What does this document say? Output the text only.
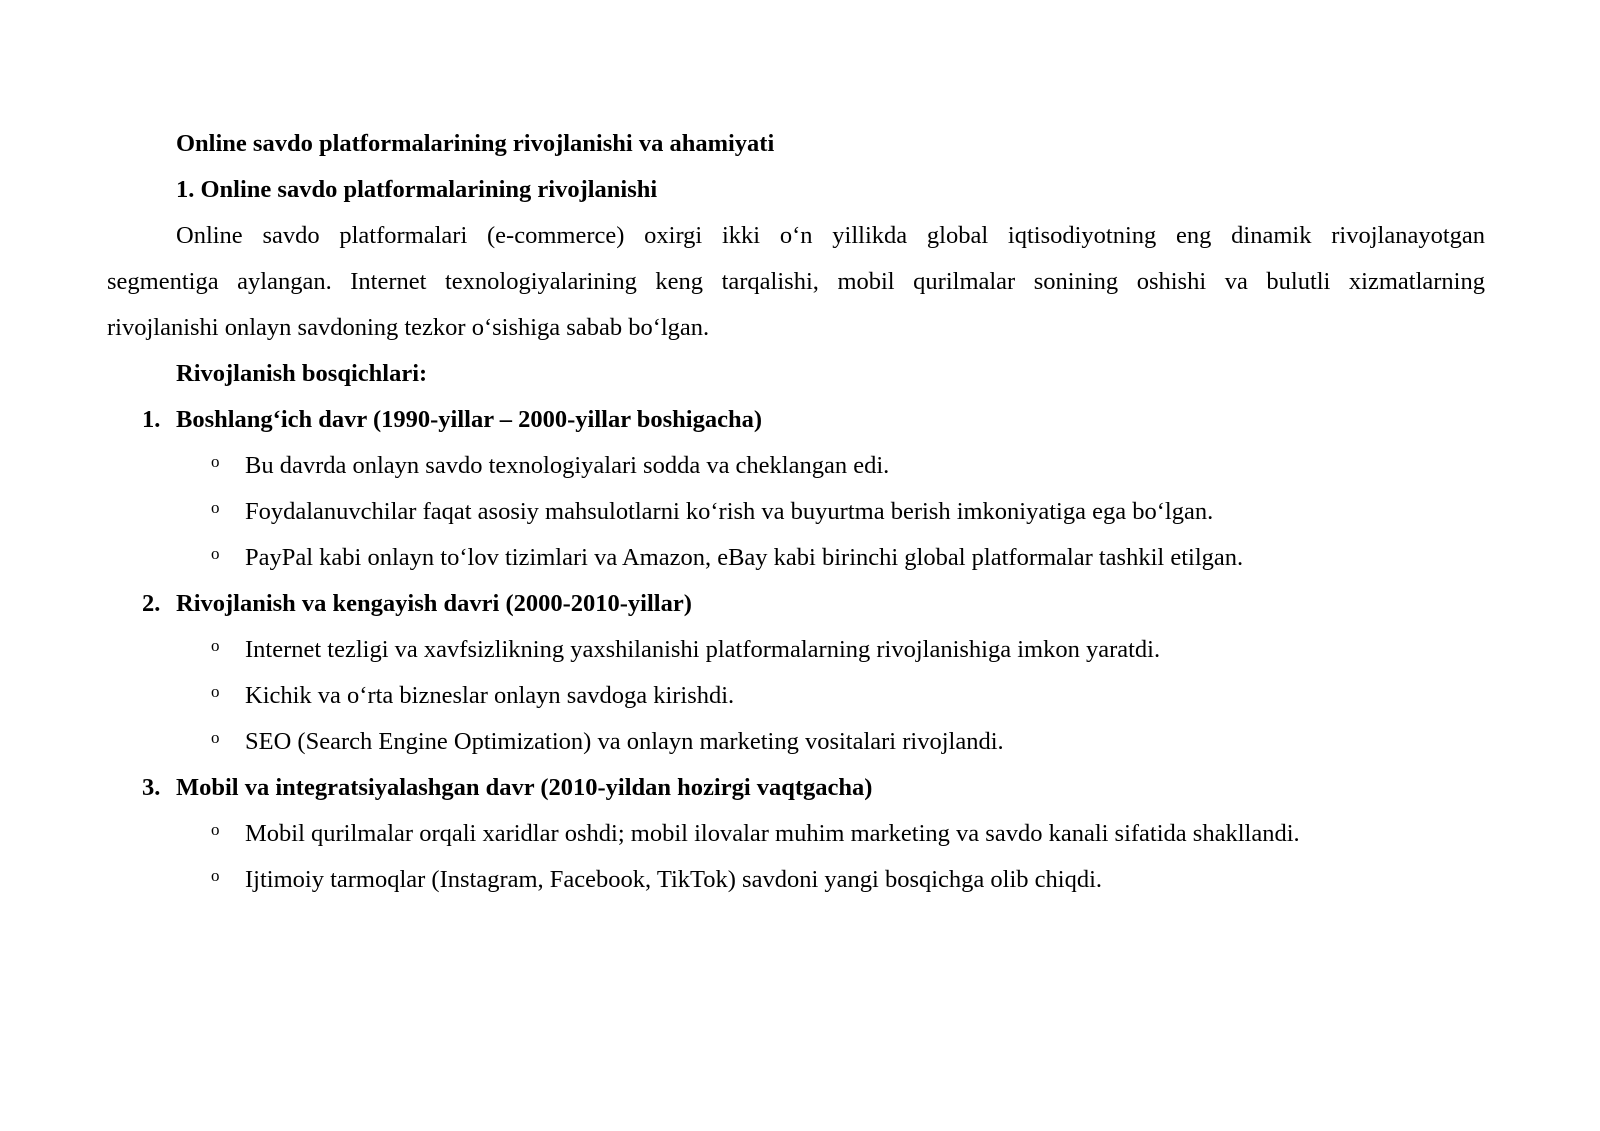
Online savdo platformalarining rivojlanishi va ahamiyati
1. Online savdo platformalarining rivojlanishi
Online savdo platformalari (e-commerce) oxirgi ikki o‘n yillikda global iqtisodiyotning eng dinamik rivojlanayotgan
segmentiga aylangan. Internet texnologiyalarining keng tarqalishi, mobil qurilmalar sonining oshishi va bulutli xizmatlarning
rivojlanishi onlayn savdoning tezkor o‘sishiga sabab bo‘lgan.
Rivojlanish bosqichlari:
1. Boshlang‘ich davr (1990-yillar – 2000-yillar boshigacha)
o Bu davrda onlayn savdo texnologiyalari sodda va cheklangan edi.
o Foydalanuvchilar faqat asosiy mahsulotlarni ko‘rish va buyurtma berish imkoniyatiga ega bo‘lgan.
o PayPal kabi onlayn to‘lov tizimlari va Amazon, eBay kabi birinchi global platformalar tashkil etilgan.
2. Rivojlanish va kengayish davri (2000-2010-yillar)
o Internet tezligi va xavfsizlikning yaxshilanishi platformalarning rivojlanishiga imkon yaratdi.
o Kichik va o‘rta bizneslar onlayn savdoga kirishdi.
o SEO (Search Engine Optimization) va onlayn marketing vositalari rivojlandi.
3. Mobil va integratsiyalashgan davr (2010-yildan hozirgi vaqtgacha)
o Mobil qurilmalar orqali xaridlar oshdi; mobil ilovalar muhim marketing va savdo kanali sifatida shakllandi.
o Ijtimoiy tarmoqlar (Instagram, Facebook, TikTok) savdoni yangi bosqichga olib chiqdi.
